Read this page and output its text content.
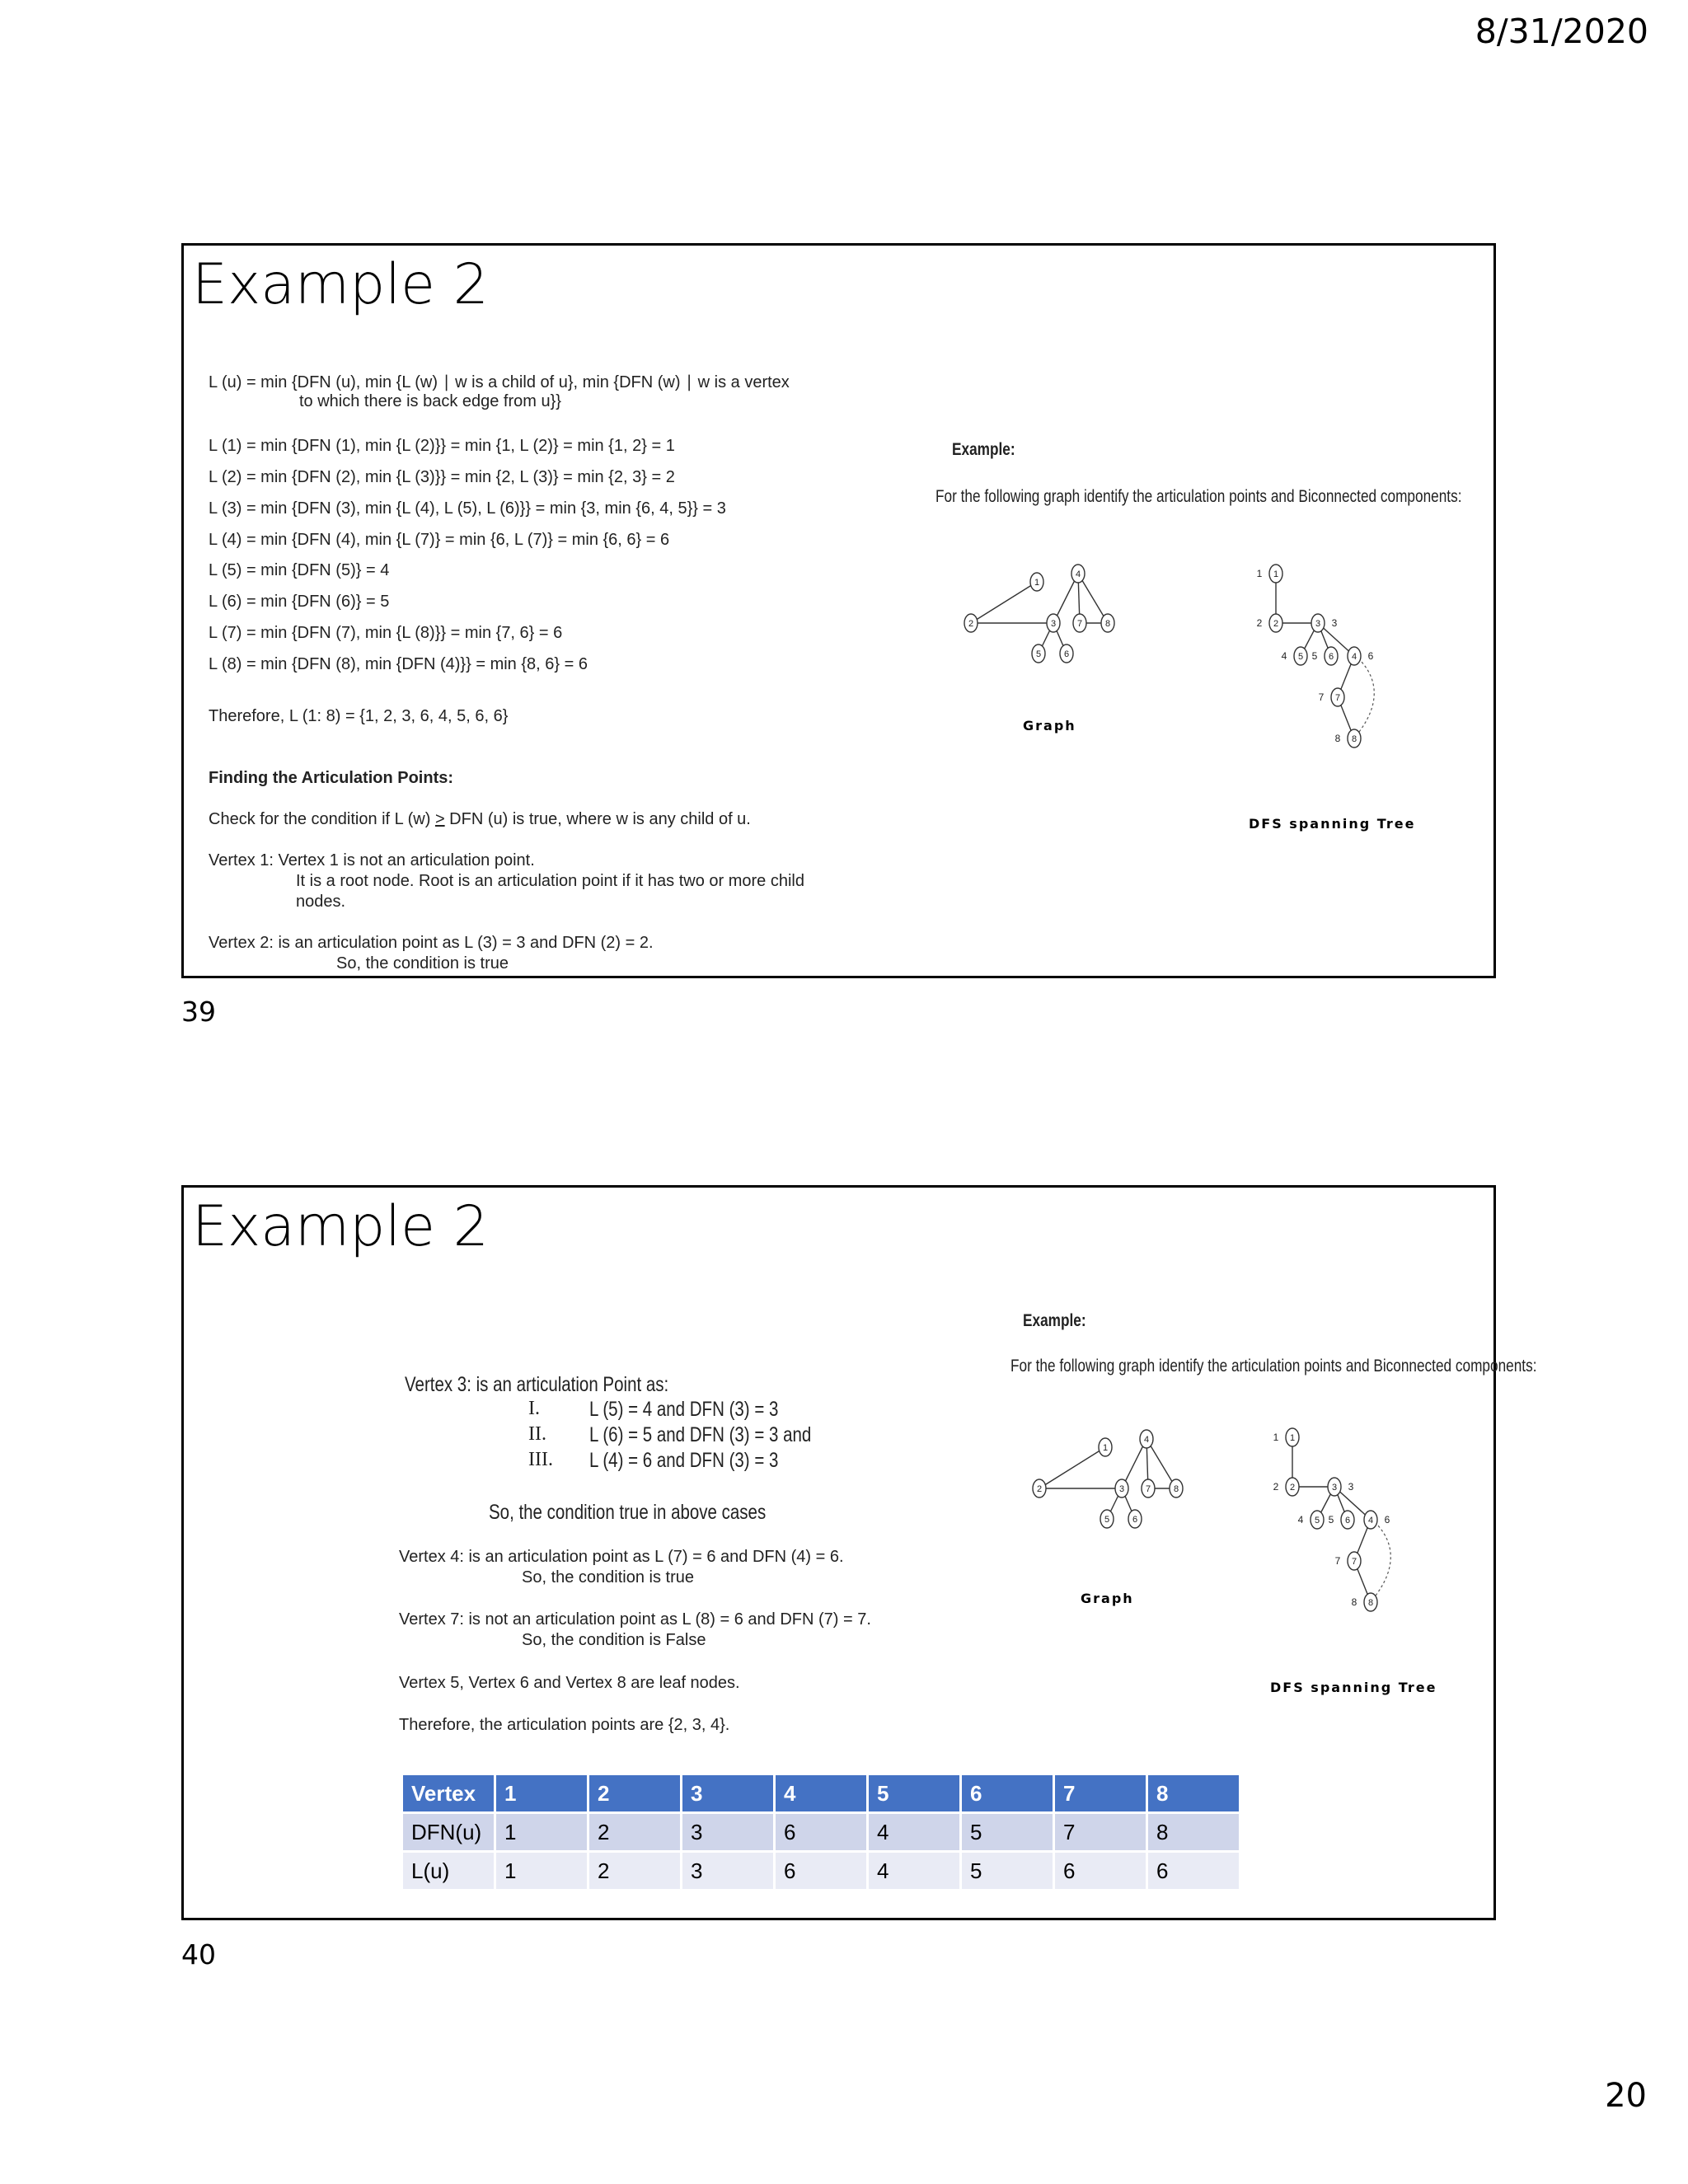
8/31/2020
Example 2
L (u) = min {DFN (u), min {L (w) ∣ w is a child of u}, min {DFN (w) ∣ w is a vertex
to which there is back edge from u}}
L (1) = min {DFN (1), min {L (2)}} = min {1, L (2)} = min {1, 2} = 1
L (2) = min {DFN (2), min {L (3)}} = min {2, L (3)} = min {2, 3} = 2
L (3) = min {DFN (3), min {L (4), L (5), L (6)}} = min {3, min {6, 4, 5}} = 3
L (4) = min {DFN (4), min {L (7)} = min {6, L (7)} = min {6, 6} = 6
L (5) = min {DFN (5)} = 4
L (6) = min {DFN (6)} = 5
L (7) = min {DFN (7), min {L (8)}} = min {7, 6} = 6
L (8) = min {DFN (8), min {DFN (4)}} = min {8, 6} = 6
Therefore, L (1: 8) = {1, 2, 3, 6, 4, 5, 6, 6}
Finding the Articulation Points:
Check for the condition if L (w) > DFN (u) is true, where w is any child of u.
Vertex 1: Vertex 1 is not an articulation point.
It is a root node. Root is an articulation point if it has two or more child
nodes.
Vertex 2: is an articulation point as L (3) = 3 and DFN (2) = 2.
So, the condition is true
Example:
For the following graph identify the articulation points and Biconnected components:
1
4
2	3 7	8
5	6
Graph
1
1
2
2	3 3
5
4	6
5	4 6
7
7
8
8
DFS spanning Tree
39
Example 2
Example:
For the following graph identify the articulation points and Biconnected components:
Vertex 3: is an articulation Point as:
I. L (5) = 4 and DFN (3) = 3
II. L (6) = 5 and DFN (3) = 3 and
III. L (4) = 6 and DFN (3) = 3
So, the condition true in above cases
Vertex 4: is an articulation point as L (7) = 6 and DFN (4) = 6.
So, the condition is true
Vertex 7: is not an articulation point as L (8) = 6 and DFN (7) = 7.
So, the condition is False
Vertex 5, Vertex 6 and Vertex 8 are leaf nodes.
Therefore, the articulation points are {2, 3, 4}.
1
4
2	3 7	8
5	6
Graph
1
1
2
2	3 3
5
4	6
5	4 6
7
7
8
8
DFS spanning Tree
Vertex	1	2	3	4	5	6	7	8
DFN(u)	1	2	3	6	4	5	7	8
L(u)	1	2	3	6	4	5	6	6
40
20
